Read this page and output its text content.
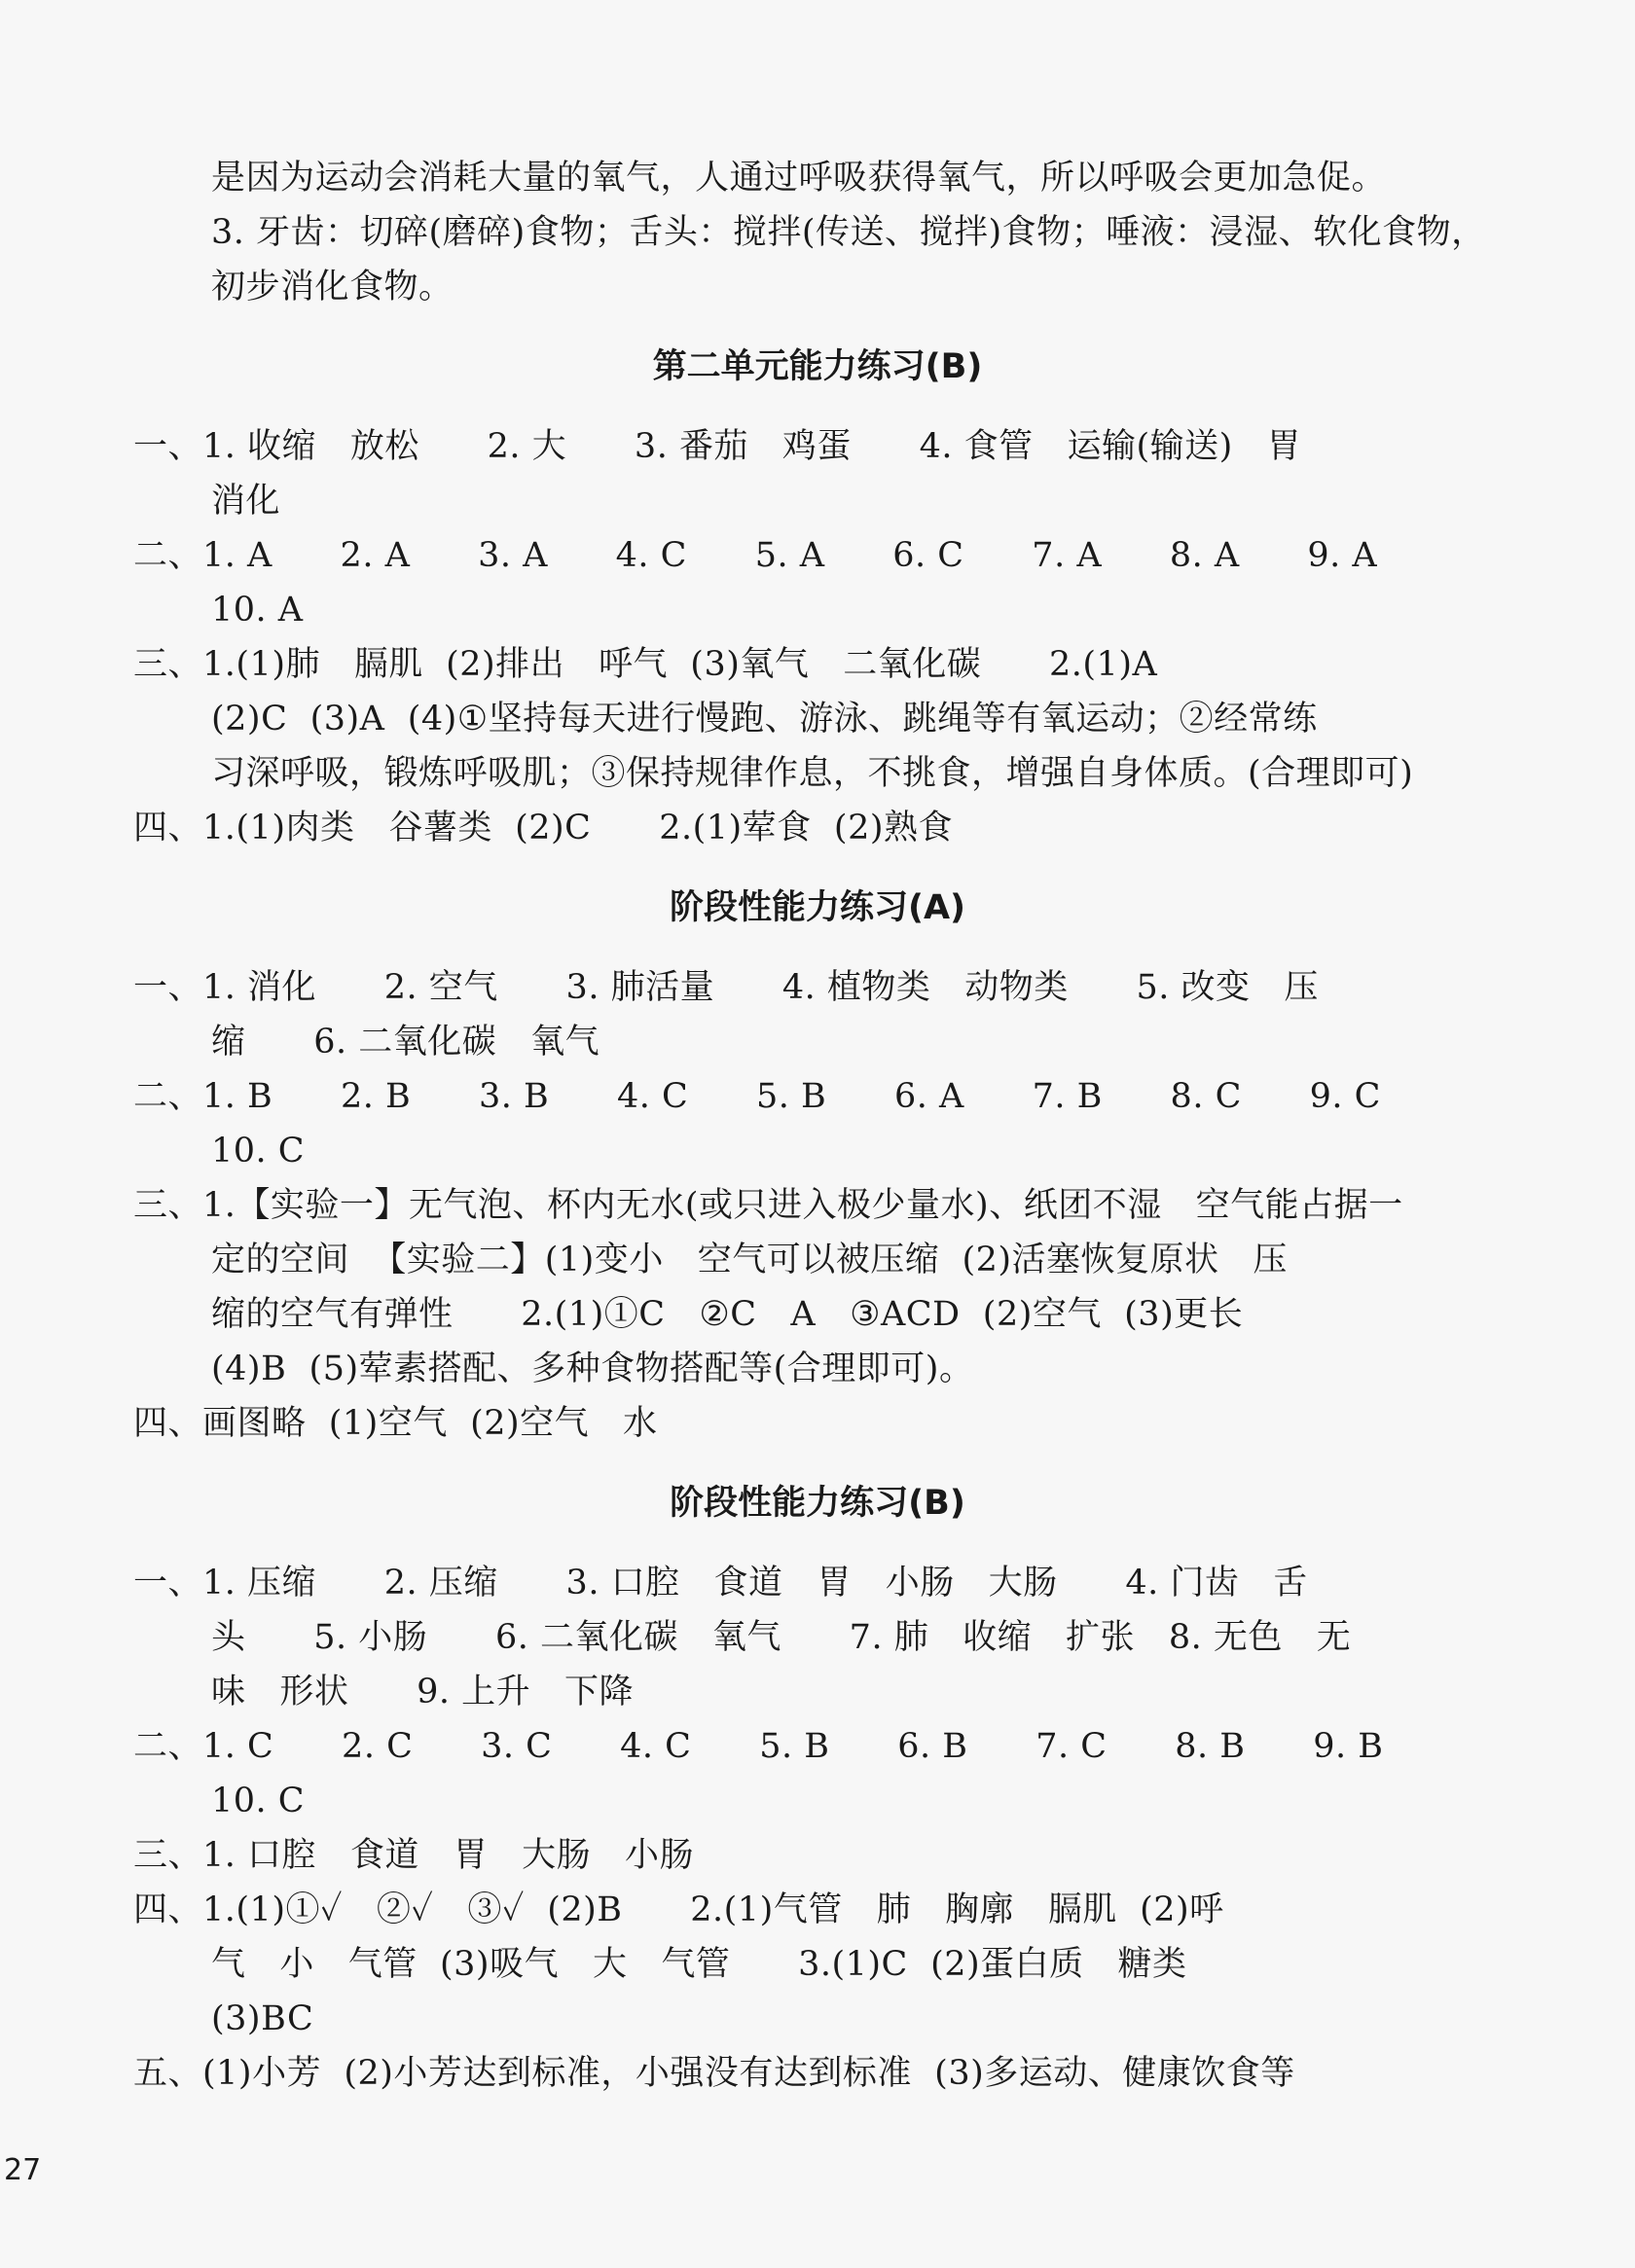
是因为运动会消耗大量的氧气，人通过呼吸获得氧气，所以呼吸会更加急促。
3. 牙齿：切碎(磨碎)食物；舌头：搅拌(传送、搅拌)食物；唾液：浸湿、软化食物，
初步消化食物。
第二单元能力练习(B)
一、1. 收缩   放松      2. 大      3. 番茄   鸡蛋      4. 食管   运输(输送)   胃
消化
二、1. A      2. A      3. A      4. C      5. A      6. C      7. A      8. A      9. A
10. A
三、1.(1)肺   膈肌  (2)排出   呼气  (3)氧气   二氧化碳      2.(1)A
(2)C  (3)A  (4)①坚持每天进行慢跑、游泳、跳绳等有氧运动；②经常练
习深呼吸，锻炼呼吸肌；③保持规律作息，不挑食，增强自身体质。(合理即可)
四、1.(1)肉类   谷薯类  (2)C      2.(1)荤食  (2)熟食
阶段性能力练习(A)
一、1. 消化      2. 空气      3. 肺活量      4. 植物类   动物类      5. 改变   压
缩      6. 二氧化碳   氧气
二、1. B      2. B      3. B      4. C      5. B      6. A      7. B      8. C      9. C
10. C
三、1.【实验一】无气泡、杯内无水(或只进入极少量水)、纸团不湿   空气能占据一
定的空间  【实验二】(1)变小   空气可以被压缩  (2)活塞恢复原状   压
缩的空气有弹性      2.(1)①C   ②C   A   ③ACD  (2)空气  (3)更长
(4)B  (5)荤素搭配、多种食物搭配等(合理即可)。
四、画图略  (1)空气  (2)空气   水
阶段性能力练习(B)
一、1. 压缩      2. 压缩      3. 口腔   食道   胃   小肠   大肠      4. 门齿   舌
头      5. 小肠      6. 二氧化碳   氧气      7. 肺   收缩   扩张   8. 无色   无
味   形状      9. 上升   下降
二、1. C      2. C      3. C      4. C      5. B      6. B      7. C      8. B      9. B
10. C
三、1. 口腔   食道   胃   大肠   小肠
四、1.(1)①✓   ②✓   ③✓  (2)B      2.(1)气管   肺   胸廓   膈肌  (2)呼
气   小   气管  (3)吸气   大   气管      3.(1)C  (2)蛋白质   糖类
(3)BC
五、(1)小芳  (2)小芳达到标准，小强没有达到标准  (3)多运动、健康饮食等
27
